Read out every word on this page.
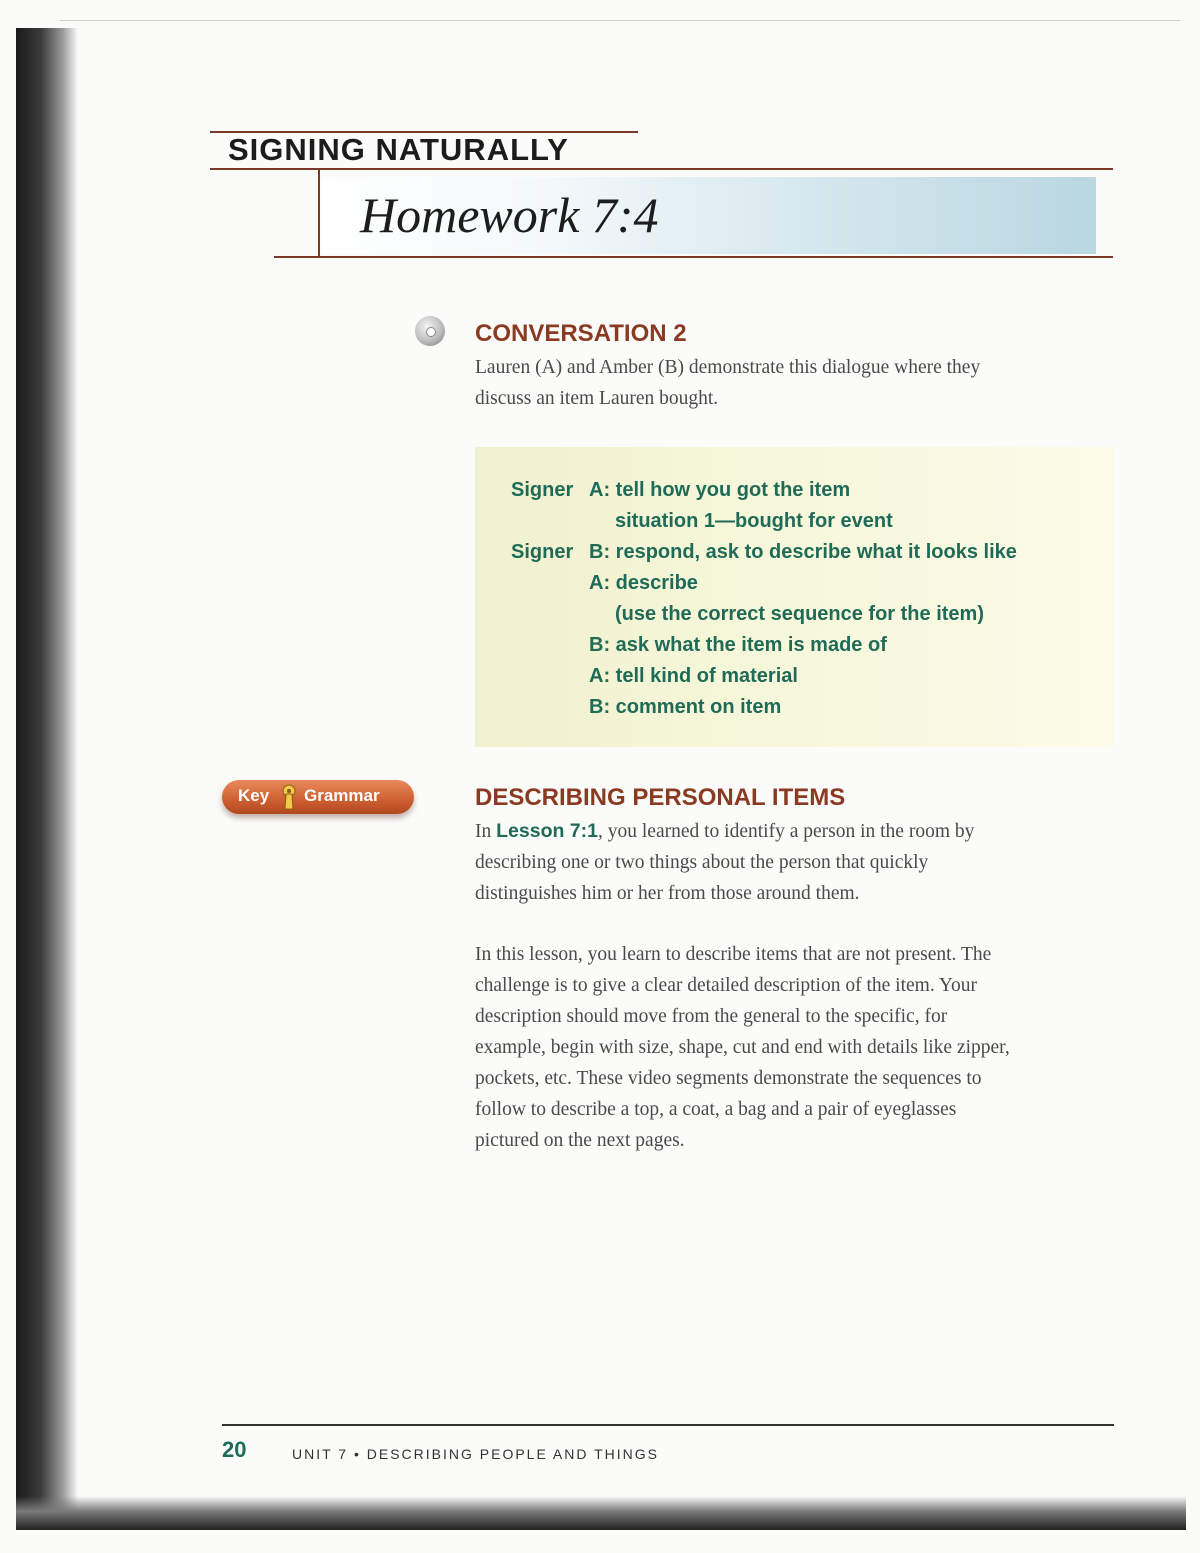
SIGNING NATURALLY
Homework 7:4
CONVERSATION 2
Lauren (A) and Amber (B) demonstrate this dialogue where they
discuss an item Lauren bought.
Signer
Signer
A: tell how you got the item
situation 1—bought for event
B: respond, ask to describe what it looks like
A: describe
(use the correct sequence for the item)
B: ask what the item is made of
A: tell kind of material
B: comment on item
Key Grammar	DESCRIBING PERSONAL ITEMS
In Lesson 7:1, you learned to identify a person in the room by
describing one or two things about the person that quickly
distinguishes him or her from those around them.
In this lesson, you learn to describe items that are not present. The
challenge is to give a clear detailed description of the item. Your
description should move from the general to the specific, for
example, begin with size, shape, cut and end with details like zipper,
pockets, etc. These video segments demonstrate the sequences to
follow to describe a top, a coat, a bag and a pair of eyeglasses
pictured on the next pages.
20	UNIT 7 • DESCRIBING PEOPLE AND THINGS
